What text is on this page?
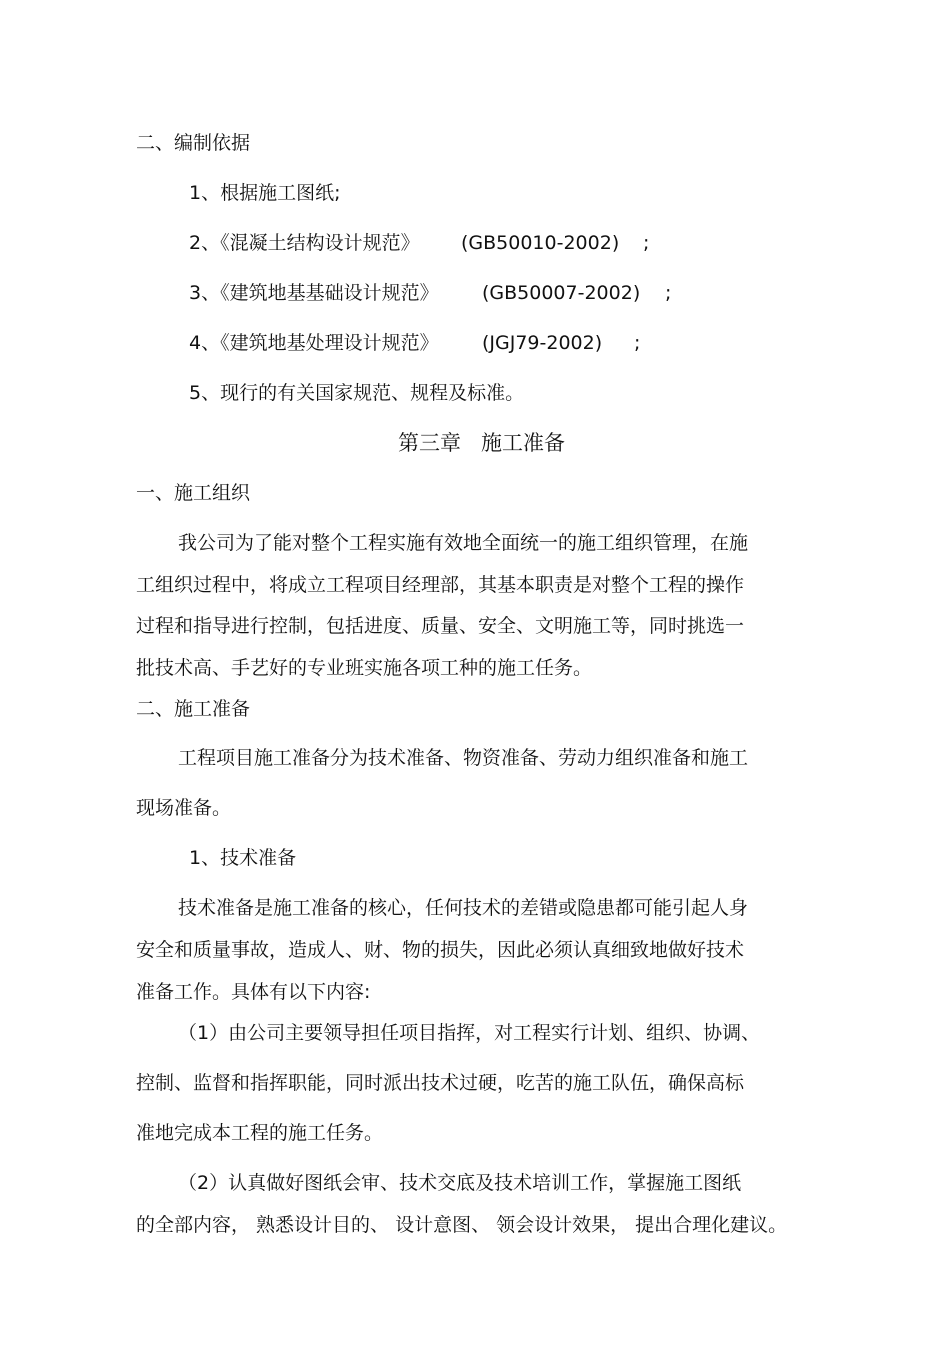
二、编制依据
1、根据施工图纸;
2、《混凝土结构设计规范》 (GB50010-2002) ;
3、《建筑地基基础设计规范》 (GB50007-2002) ;
4、《建筑地基处理设计规范》 (JGJ79-2002) ;
5、现行的有关国家规范、规程及标准。
第三章 施工准备
一、施工组织
我公司为了能对整个工程实施有效地全面统一的施工组织管理，在施
工组织过程中，将成立工程项目经理部，其基本职责是对整个工程的操作
过程和指导进行控制，包括进度、质量、安全、文明施工等，同时挑选一
批技术高、手艺好的专业班实施各项工种的施工任务。
二、施工准备
工程项目施工准备分为技术准备、物资准备、劳动力组织准备和施工
现场准备。
1、技术准备
技术准备是施工准备的核心，任何技术的差错或隐患都可能引起人身
安全和质量事故，造成人、财、物的损失，因此必须认真细致地做好技术
准备工作。具体有以下内容:
（1）由公司主要领导担任项目指挥，对工程实行计划、组织、协调、
控制、监督和指挥职能，同时派出技术过硬，吃苦的施工队伍，确保高标
准地完成本工程的施工任务。
（2）认真做好图纸会审、技术交底及技术培训工作，掌握施工图纸
的全部内容， 熟悉设计目的、 设计意图、 领会设计效果， 提出合理化建议。
